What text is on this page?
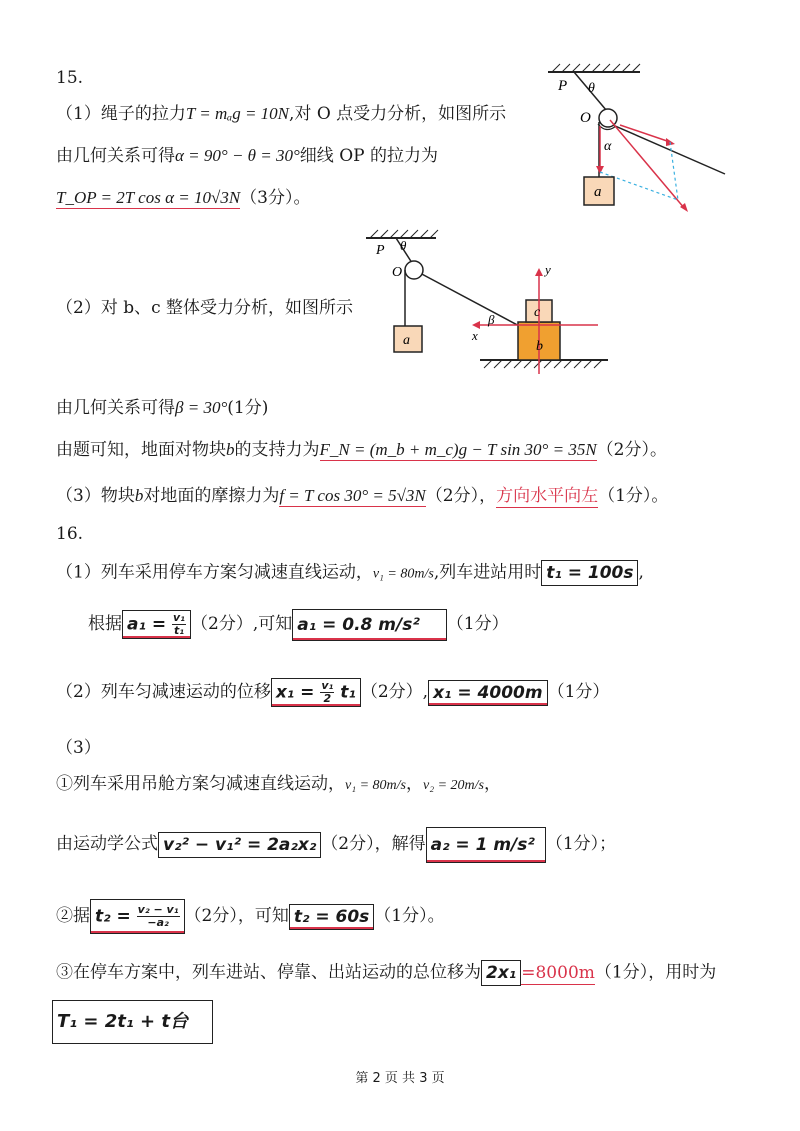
15.
（1）绳子的拉力T = mₐg = 10N,对 O 点受力分析，如图所示
由几何关系可得α = 90° − θ = 30°细线 OP 的拉力为
T_OP = 2T cos α = 10√3N（3分）。
P θ
O
α
a
P θ
O
a	b
c
β
x
y
（2）对 b、c 整体受力分析，如图所示
由几何关系可得β = 30°(1分)
由题可知，地面对物块b的支持力为F_N = (m_b + m_c)g − T sin 30° = 35N（2分）。
（3）物块b对地面的摩擦力为f = T cos 30° = 5√3N（2分），方向水平向左（1分）。
16.
（1）列车采用停车方案匀减速直线运动，v₁ = 80m/s,列车进站用时 t₁ = 100s ,
根据 $a_1 = \frac{\text{v₁}}{\text{t₁}} (2$分）,可知 a₁ = 0.8 m/s² （1分）
（2）列车匀减速运动的位移 $x_1 = \frac{\text{v₁}}{2} t_1$ （2分）, x₁ = 4000m （1分）
（3）
①列车采用吊舱方案匀减速直线运动，v₁ = 80m/s，v₂ = 20m/s，
由运动学公式 v₂² − v₁² = 2a₂x₂ （2分），解得 a₂ = 1 m/s² （1分）；
②据 $t_2 = \frac{\text{v₂ − v₁}}{\text{−a₂}} (2$分），可知 t₂ = 60s （1分）。
③在停车方案中，列车进站、停靠、出站运动的总位移为 2x₁ =8000m（1分），用时为
T₁ = 2t₁ + t台
第 2 页 共 3 页
